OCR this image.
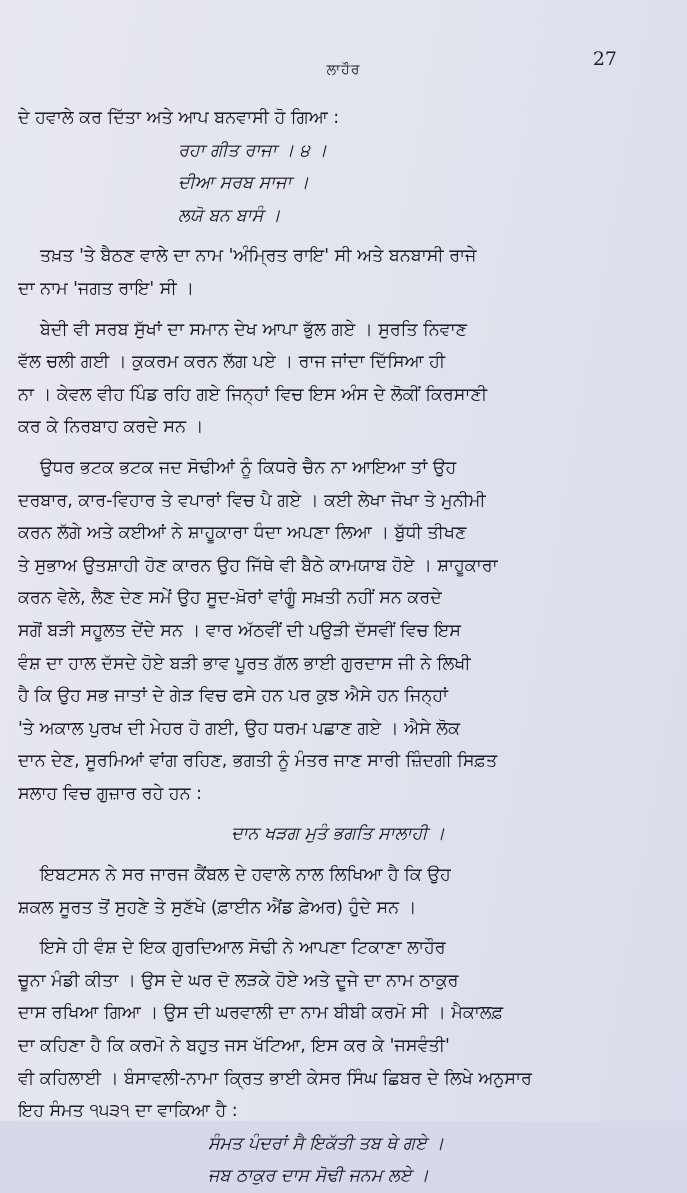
ਲਾਹੌਰ	27
ਦੇ ਹਵਾਲੇ ਕਰ ਦਿੱਤਾ ਅਤੇ ਆਪ ਬਨਵਾਸੀ ਹੋ ਗਿਆ :
ਰਹਾ ਗੀਤ ਰਾਜਾ । ੪ ।
ਦੀਆ ਸਰਬ ਸਾਜਾ ।
ਲਯੋ ਬਨ ਬਾਸੰ ।
ਤਖ਼ਤ 'ਤੇ ਬੈਠਣ ਵਾਲੇ ਦਾ ਨਾਮ 'ਅੰਮ੍ਰਿਤ ਰਾਇ' ਸੀ ਅਤੇ ਬਨਬਾਸੀ ਰਾਜੇ
ਦਾ ਨਾਮ 'ਜਗਤ ਰਾਇ' ਸੀ ।
ਬੇਦੀ ਵੀ ਸਰਬ ਸੁੱਖਾਂ ਦਾ ਸਮਾਨ ਦੇਖ ਆਪਾ ਭੁੱਲ ਗਏ । ਸੁਰਤਿ ਨਿਵਾਣ
ਵੱਲ ਚਲੀ ਗਈ । ਕੁਕਰਮ ਕਰਨ ਲੱਗ ਪਏ । ਰਾਜ ਜਾਂਦਾ ਦਿੱਸਿਆ ਹੀ
ਨਾ । ਕੇਵਲ ਵੀਹ ਪਿੰਡ ਰਹਿ ਗਏ ਜਿਨ੍ਹਾਂ ਵਿਚ ਇਸ ਅੰਸ ਦੇ ਲੋਕੀਂ ਕਿਰਸਾਣੀ
ਕਰ ਕੇ ਨਿਰਬਾਹ ਕਰਦੇ ਸਨ ।
ਉਧਰ ਭਟਕ ਭਟਕ ਜਦ ਸੋਢੀਆਂ ਨੂੰ ਕਿਧਰੇ ਚੈਨ ਨਾ ਆਇਆ ਤਾਂ ਉਹ
ਦਰਬਾਰ, ਕਾਰ-ਵਿਹਾਰ ਤੇ ਵਪਾਰਾਂ ਵਿਚ ਪੈ ਗਏ । ਕਈ ਲੇਖਾ ਜੋਖਾ ਤੇ ਮੁਨੀਮੀ
ਕਰਨ ਲੱਗੇ ਅਤੇ ਕਈਆਂ ਨੇ ਸ਼ਾਹੂਕਾਰਾ ਧੰਦਾ ਅਪਣਾ ਲਿਆ । ਬੁੱਧੀ ਤੀਖਣ
ਤੇ ਸੁਭਾਅ ਉਤਸ਼ਾਹੀ ਹੋਣ ਕਾਰਨ ਉਹ ਜਿੱਥੇ ਵੀ ਬੈਠੇ ਕਾਮਯਾਬ ਹੋਏ । ਸ਼ਾਹੂਕਾਰਾ
ਕਰਨ ਵੇਲੇ, ਲੈਣ ਦੇਣ ਸਮੇਂ ਉਹ ਸੂਦ-ਖ਼ੋਰਾਂ ਵਾਂਗੂੰ ਸਖ਼ਤੀ ਨਹੀਂ ਸਨ ਕਰਦੇ
ਸਗੋਂ ਬੜੀ ਸਹੂਲਤ ਦੇਂਦੇ ਸਨ । ਵਾਰ ਅੱਠਵੀਂ ਦੀ ਪਉੜੀ ਦੱਸਵੀਂ ਵਿਚ ਇਸ
ਵੰਸ਼ ਦਾ ਹਾਲ ਦੱਸਦੇ ਹੋਏ ਬੜੀ ਭਾਵ ਪੂਰਤ ਗੱਲ ਭਾਈ ਗੁਰਦਾਸ ਜੀ ਨੇ ਲਿਖੀ
ਹੈ ਕਿ ਉਹ ਸਭ ਜਾਤਾਂ ਦੇ ਗੇੜ ਵਿਚ ਫਸੇ ਹਨ ਪਰ ਕੁਝ ਐਸੇ ਹਨ ਜਿਨ੍ਹਾਂ
'ਤੇ ਅਕਾਲ ਪੁਰਖ ਦੀ ਮੇਹਰ ਹੋ ਗਈ, ਉਹ ਧਰਮ ਪਛਾਣ ਗਏ । ਐਸੇ ਲੋਕ
ਦਾਨ ਦੇਣ, ਸੂਰਮਿਆਂ ਵਾਂਗ ਰਹਿਣ, ਭਗਤੀ ਨੂੰ ਮੰਤਰ ਜਾਣ ਸਾਰੀ ਜ਼ਿੰਦਗੀ ਸਿਫ਼ਤ
ਸਲਾਹ ਵਿਚ ਗੁਜ਼ਾਰ ਰਹੇ ਹਨ :
ਦਾਨ ਖੜਗ ਮੁਤੰ ਭਗਤਿ ਸਾਲਾਹੀ ।
ਇਬਟਸਨ ਨੇ ਸਰ ਜਾਰਜ ਕੈਂਬਲ ਦੇ ਹਵਾਲੇ ਨਾਲ ਲਿਖਿਆ ਹੈ ਕਿ ਉਹ
ਸ਼ਕਲ ਸੂਰਤ ਤੋਂ ਸੁਹਣੇ ਤੇ ਸੁਣੱਖੇ (ਫ਼ਾਈਨ ਐਂਡ ਫ਼ੇਅਰ) ਹੁੰਦੇ ਸਨ ।
ਇਸੇ ਹੀ ਵੰਸ਼ ਦੇ ਇਕ ਗੁਰਦਿਆਲ ਸੋਢੀ ਨੇ ਆਪਣਾ ਟਿਕਾਣਾ ਲਾਹੌਰ
ਚੂਨਾ ਮੰਡੀ ਕੀਤਾ । ਉਸ ਦੇ ਘਰ ਦੋ ਲੜਕੇ ਹੋਏ ਅਤੇ ਦੂਜੇ ਦਾ ਨਾਮ ਠਾਕੁਰ
ਦਾਸ ਰਖਿਆ ਗਿਆ । ਉਸ ਦੀ ਘਰਵਾਲੀ ਦਾ ਨਾਮ ਬੀਬੀ ਕਰਮੋ ਸੀ । ਮੈਕਾਲਫ਼
ਦਾ ਕਹਿਣਾ ਹੈ ਕਿ ਕਰਮੋ ਨੇ ਬਹੁਤ ਜਸ ਖੱਟਿਆ, ਇਸ ਕਰ ਕੇ 'ਜਸਵੰਤੀ'
ਵੀ ਕਹਿਲਾਈ । ਬੰਸਾਵਲੀ-ਨਾਮਾ ਕ੍ਰਿਤ ਭਾਈ ਕੇਸਰ ਸਿੰਘ ਛਿਬਰ ਦੇ ਲਿਖੇ ਅਨੁਸਾਰ
ਇਹ ਸੰਮਤ ੧੫੩੧ ਦਾ ਵਾਕਿਆ ਹੈ :
ਸੰਮਤ ਪੰਦਰਾਂ ਸੈ ਇਕੱਤੀ ਤਬ ਥੇ ਗਏ ।
ਜਬ ਠਾਕੁਰ ਦਾਸ ਸੋਢੀ ਜਨਮ ਲਏ ।
